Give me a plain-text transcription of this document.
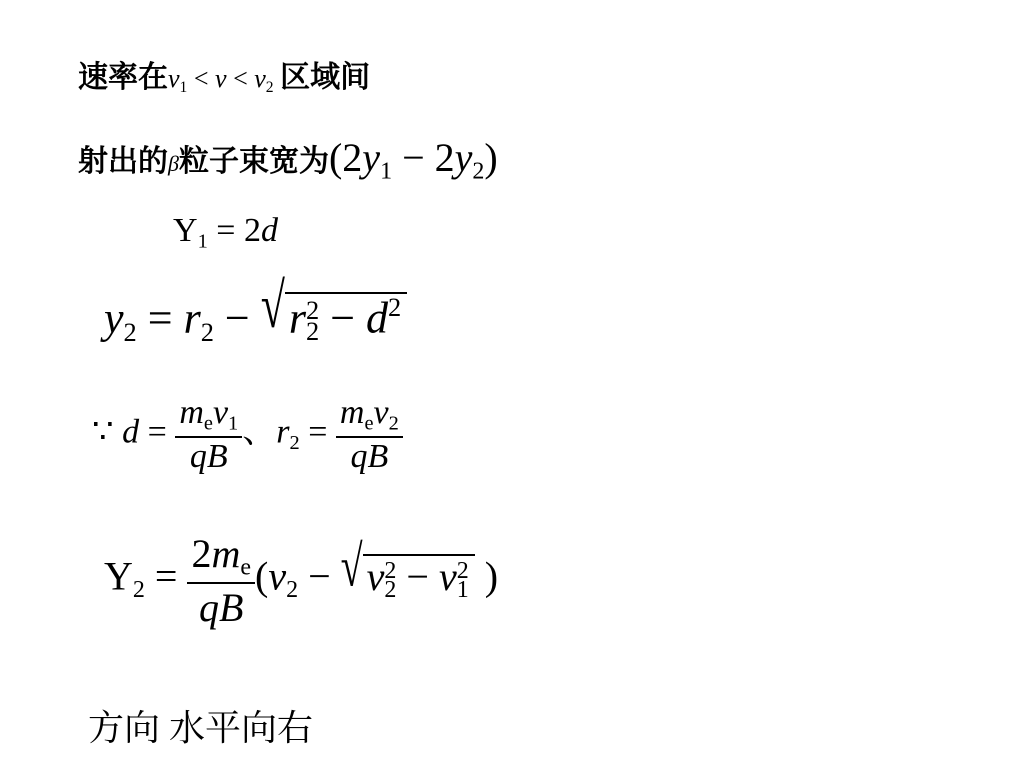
速率在$v_1 < v < v_2$ 区域间
射出的β粒子束宽为$(2y_1 - 2y_2)$
$Y_1 = 2d$
$y_2 = r_2 - √r$ 2
$2 - d^2$
∵ $d = \frac{m_ev_1}{qB}$ 、$r_2 = \frac{m_ev_2}{qB}$
$Y_2 = \frac{2m_e}{qB} (v_2$ − √ v 2
2 − v 2
1 )
方向 水平向右
